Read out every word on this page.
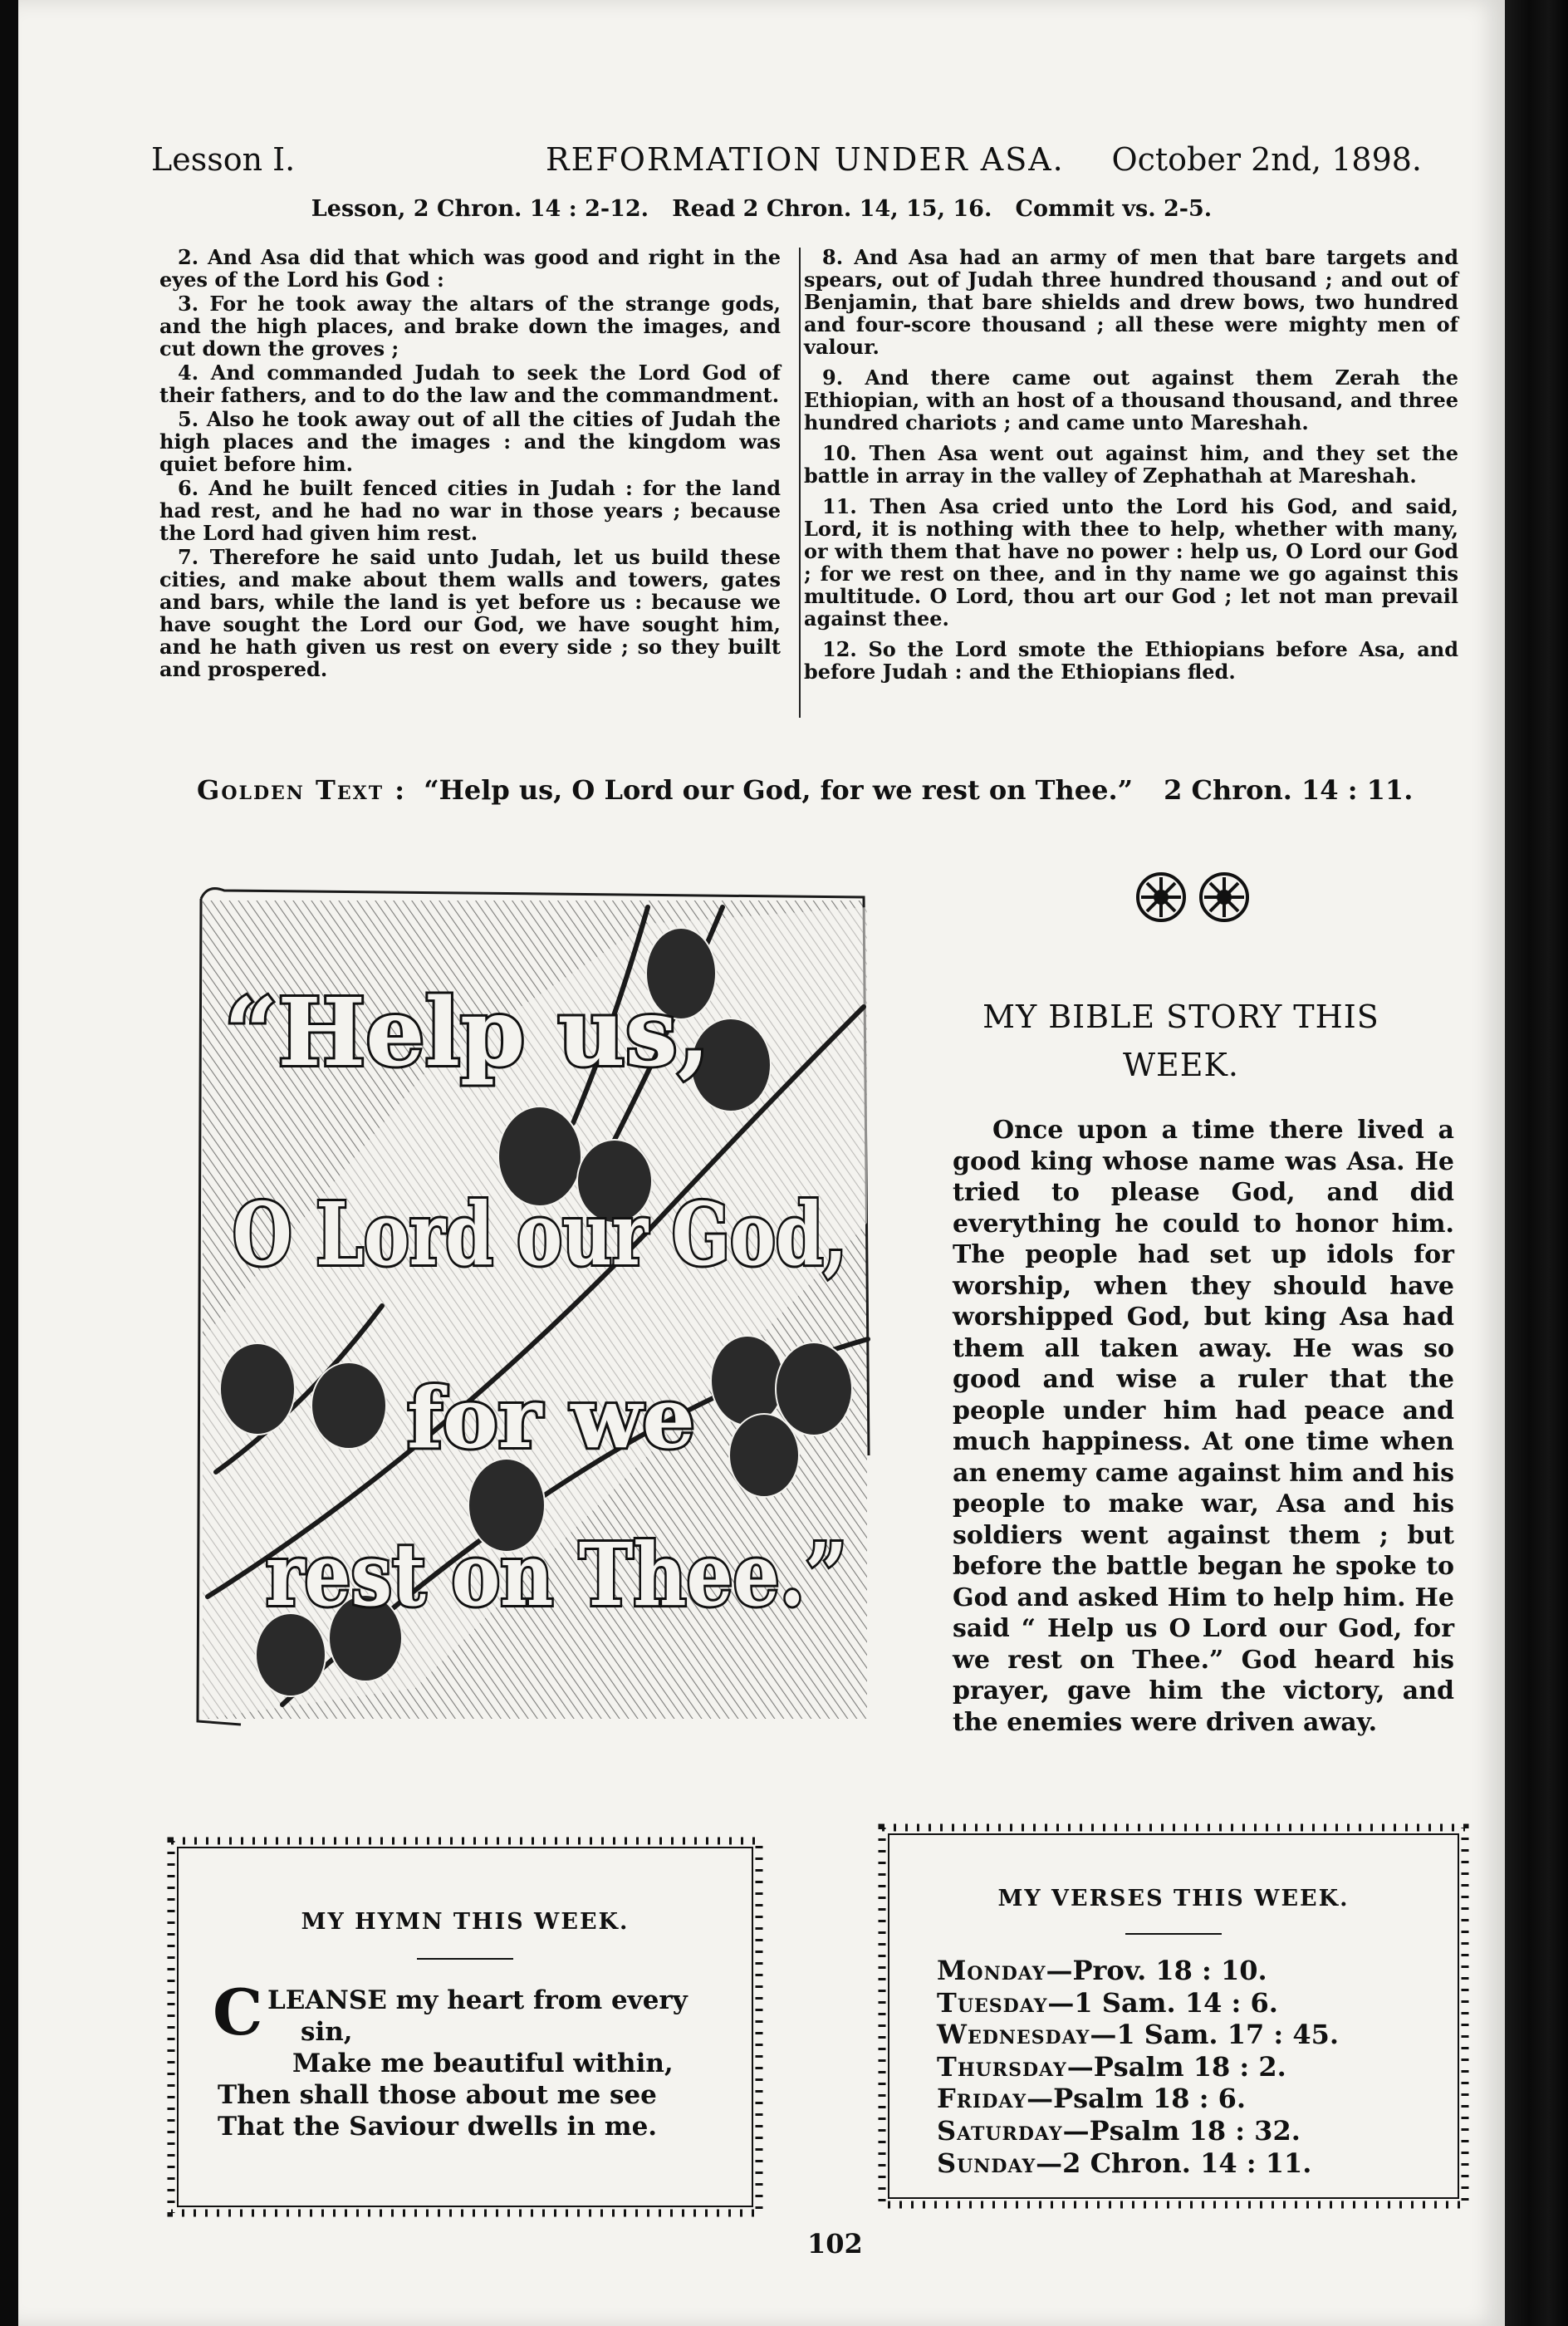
Lesson I.	REFORMATION UNDER ASA. October 2nd, 1898.
Lesson, 2 Chron. 14 : 2-12.   Read 2 Chron. 14, 15, 16.   Commit vs. 2-5.

2. And Asa did that which was good and right in the eyes of the Lord his God :

3. For he took away the altars of the strange gods, and the high places, and brake down the images, and cut down the groves ;

4. And commanded Judah to seek the Lord God of their fathers, and to do the law and the commandment.

5. Also he took away out of all the cities of Judah the high places and the images : and the kingdom was quiet before him.

6. And he built fenced cities in Judah : for the land had rest, and he had no war in those years ; because the Lord had given him rest.

7. Therefore he said unto Judah, let us build these cities, and make about them walls and towers, gates and bars, while the land is yet before us : because we have sought the Lord our God, we have sought him, and he hath given us rest on every side ; so they built and prospered.

8. And Asa had an army of men that bare targets and spears, out of Judah three hundred thousand ; and out of Benjamin, that bare shields and drew bows, two hundred and four-score thousand ; all these were mighty men of valour.

9. And there came out against them Zerah the Ethiopian, with an host of a thousand thousand, and three hundred chariots ; and came unto Mareshah.

10. Then Asa went out against him, and they set the battle in array in the valley of Zephathah at Mareshah.

11. Then Asa cried unto the Lord his God, and said, Lord, it is nothing with thee to help, whether with many, or with them that have no power : help us, O Lord our God ; for we rest on thee, and in thy name we go against this multitude. O Lord, thou art our God ; let not man prevail against thee.

12. So the Lord smote the Ethiopians before Asa, and before Judah : and the Ethiopians fled.

Golden Text : “Help us, O Lord our God, for we rest on Thee.” 2 Chron. 14 : 11.
“Help us,
O Lord our God,
for we
rest on Thee.”
MY BIBLE STORY THIS
WEEK.
Once upon a time there lived a good king whose name was Asa. He tried to please God, and did everything he could to honor him. The people had set up idols for worship, when they should have worshipped God, but king Asa had them all taken away. He was so good and wise a ruler that the people under him had peace and much happiness. At one time when an enemy came against him and his people to make war, Asa and his soldiers went against them ; but before the battle began he spoke to God and asked Him to help him. He said “ Help us O Lord our God, for we rest on Thee.” God heard his prayer, gave him the victory, and the enemies were driven away.
MY HYMN THIS WEEK.
C LEANSE my heart from every
sin,
Make me beautiful within,
Then shall those about me see
That the Saviour dwells in me.
MY VERSES THIS WEEK.
Monday—Prov. 18 : 10.
Tuesday—1 Sam. 14 : 6.
Wednesday—1 Sam. 17 : 45.
Thursday—Psalm 18 : 2.
Friday—Psalm 18 : 6.
Saturday—Psalm 18 : 32.
Sunday—2 Chron. 14 : 11.
102
